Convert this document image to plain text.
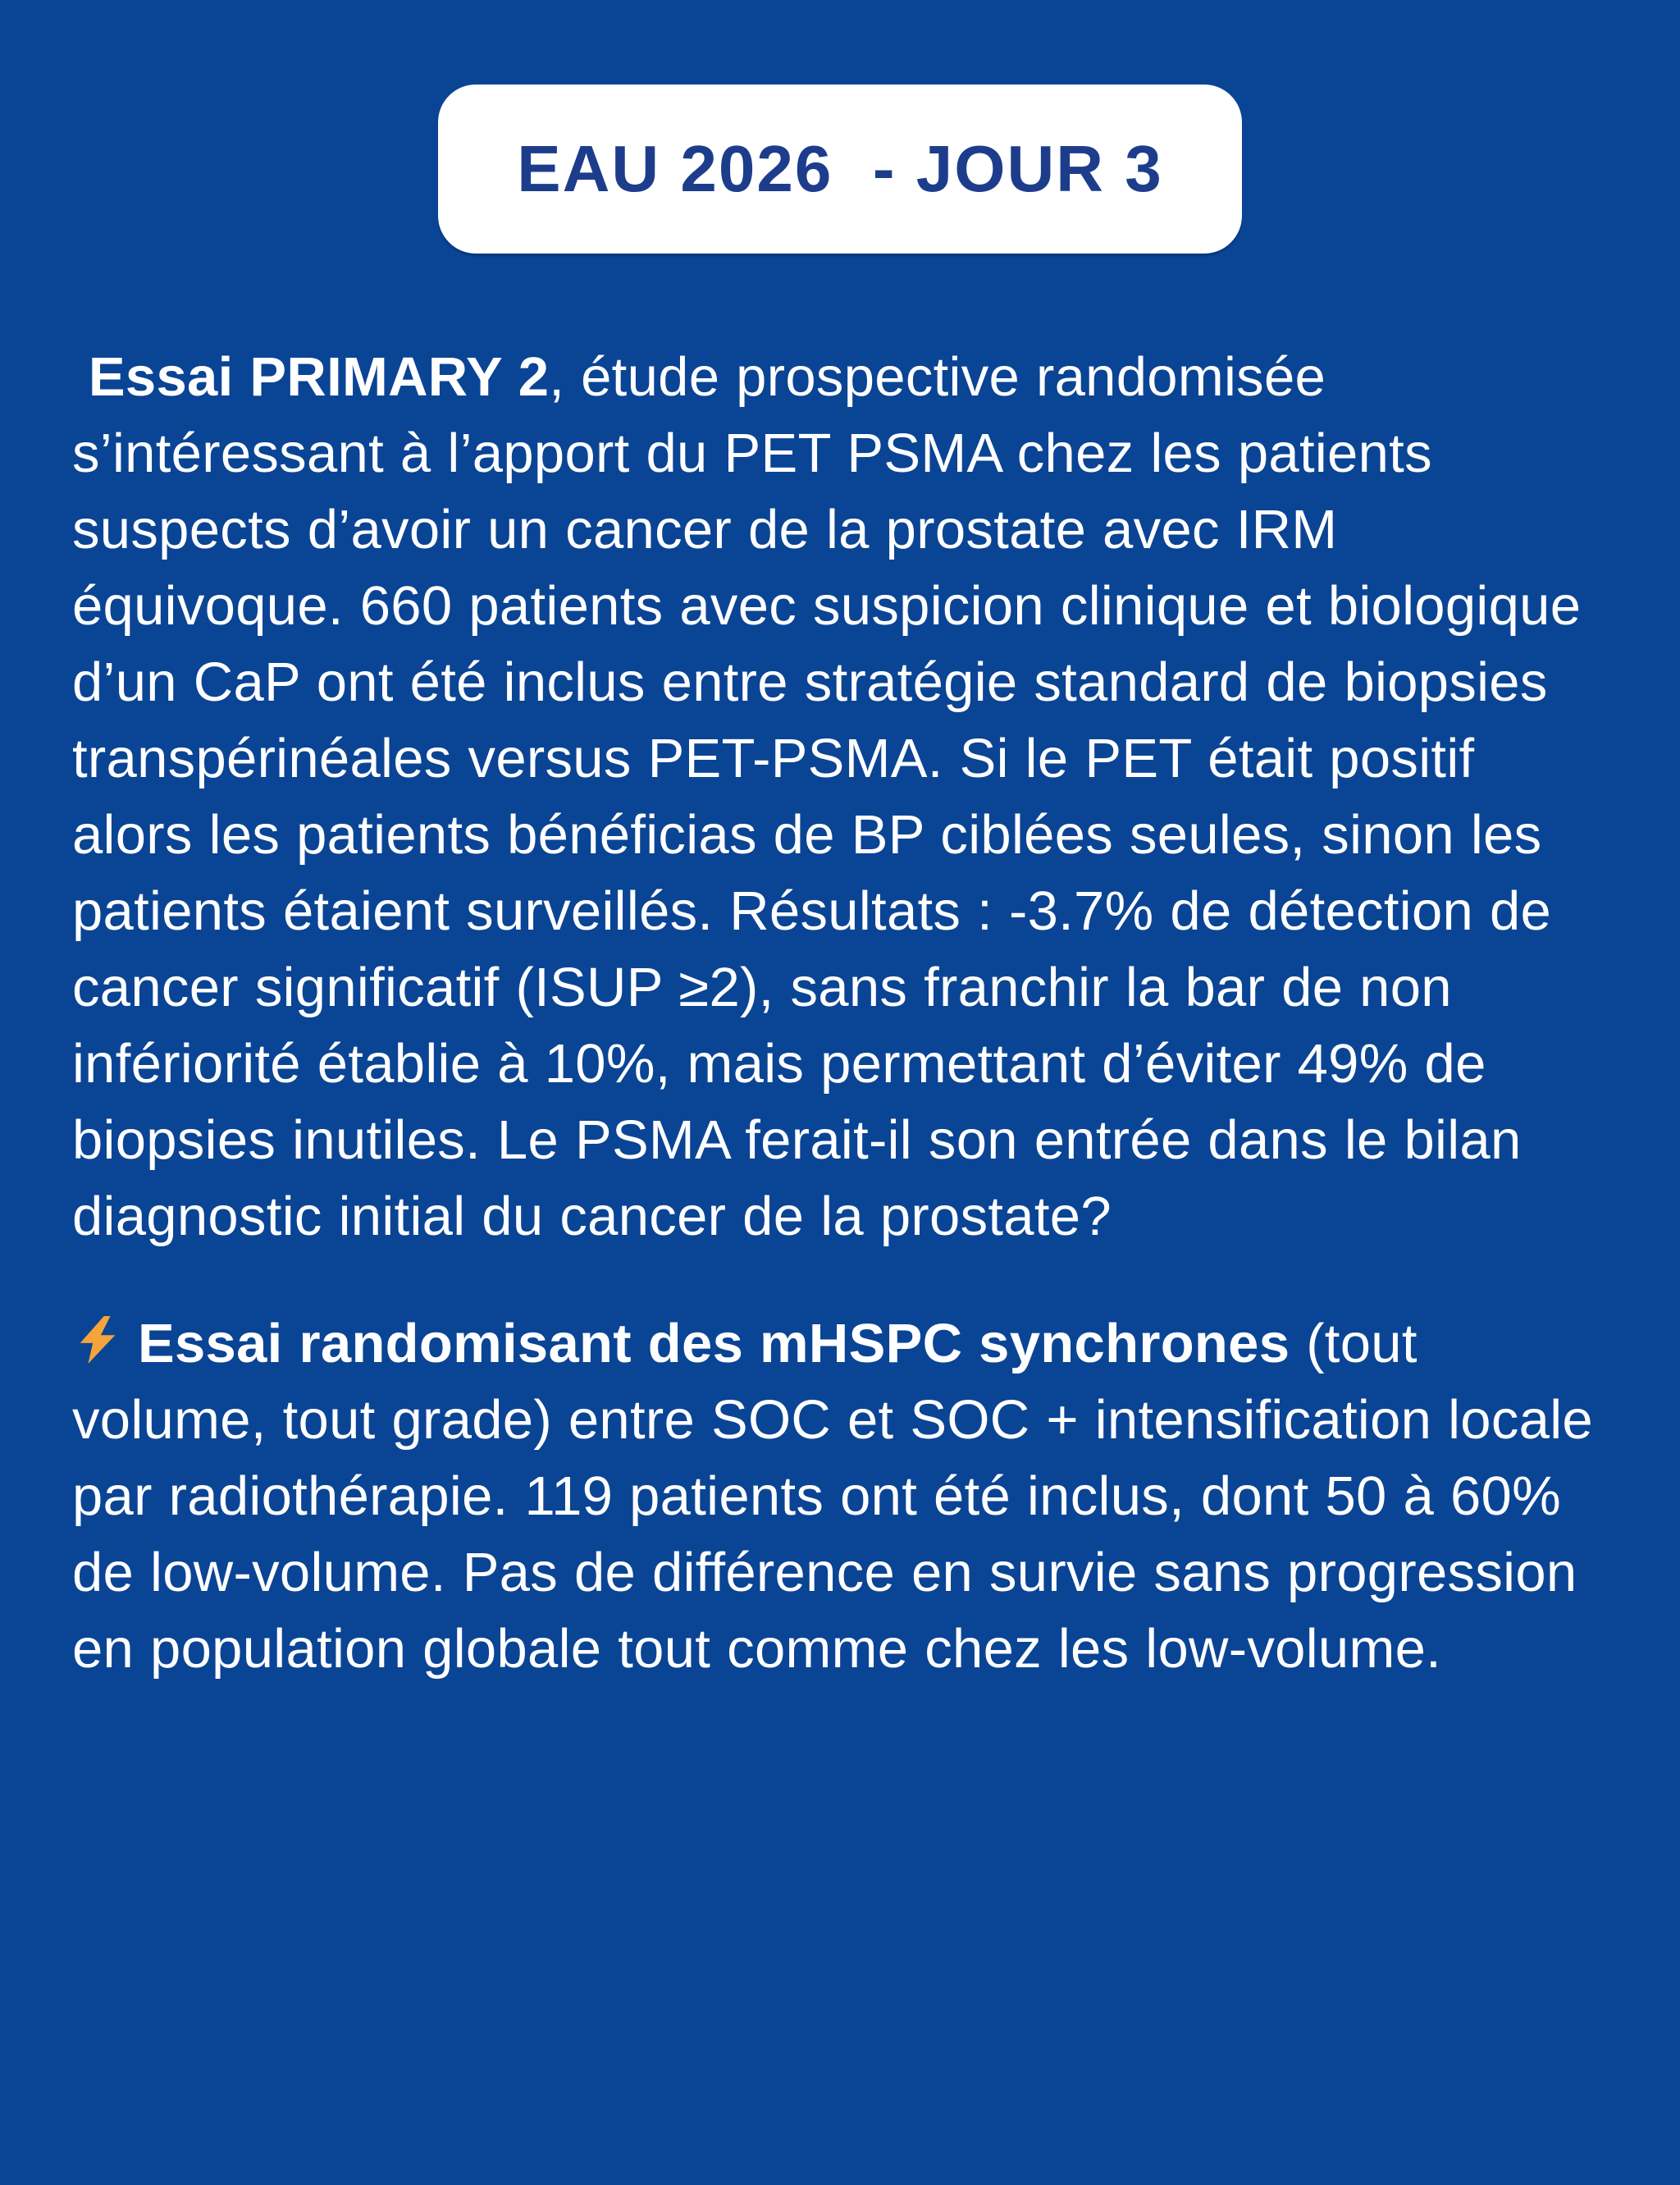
EAU 2026  - JOUR 3

Essai PRIMARY 2, étude prospective randomisée s’intéressant à l’apport du PET PSMA chez les patients suspects d’avoir un cancer de la prostate avec IRM équivoque. 660 patients avec suspicion clinique et biologique d’un CaP ont été inclus entre stratégie standard de biopsies transpérinéales versus PET-PSMA. Si le PET était positif alors les patients bénéficias de BP ciblées seules, sinon les patients étaient surveillés. Résultats : -3.7% de détection de cancer significatif (ISUP ≥2), sans franchir la bar de non infériorité établie à 10%, mais permettant d’éviter 49% de biopsies inutiles. Le PSMA ferait-il son entrée dans le bilan diagnostic initial du cancer de la prostate?

Essai randomisant des mHSPC synchrones (tout volume, tout grade) entre SOC et SOC + intensification locale par radiothérapie. 119 patients ont été inclus, dont 50 à 60% de low-volume. Pas de différence en survie sans progression en population globale tout comme chez les low-volume.
